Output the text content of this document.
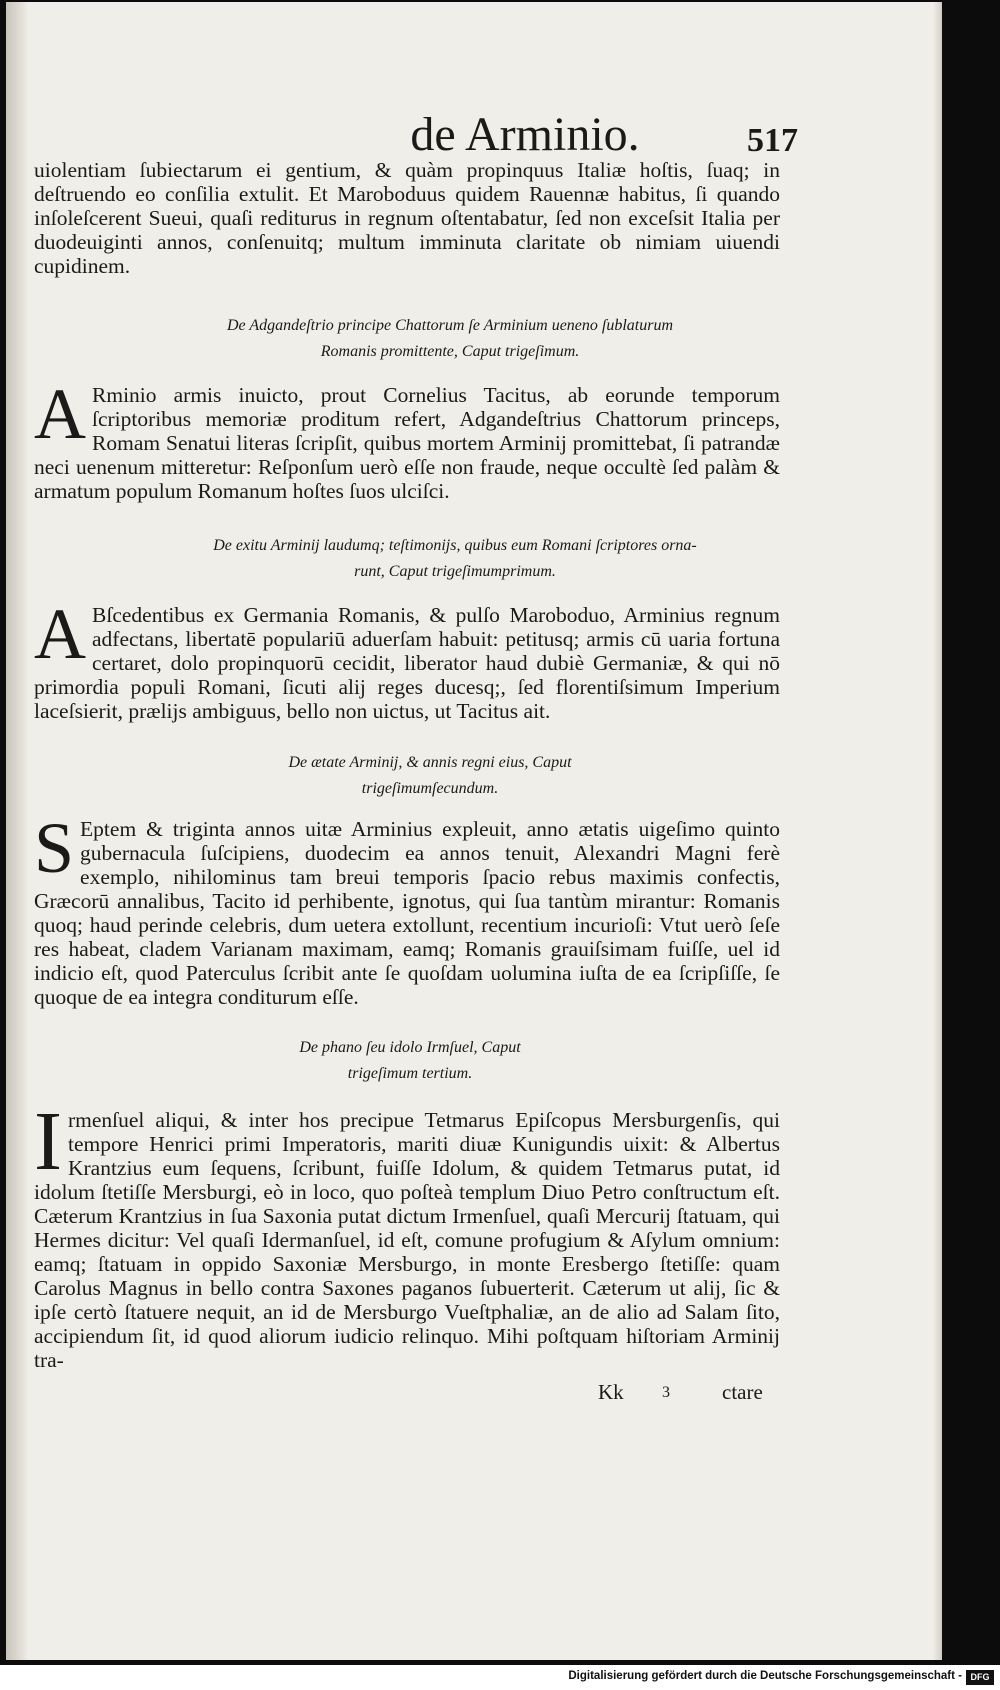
de Arminio.	517

uiolentiam ſubiectarum ei gentium, & quàm propinquus Italiæ hoſtis, ſuaq; in deſtruendo eo conſilia extulit. Et Maroboduus quidem Rauennæ habitus, ſi quando inſoleſcerent Sueui, quaſi rediturus in regnum oſtentabatur, ſed non exceſsit Italia per duodeuiginti annos, conſenuitq; multum imminuta claritate ob nimiam uiuendi cupidinem.

De Adgandeſtrio principe Chattorum ſe Arminium ueneno ſublaturum
Romanis promittente, Caput trigeſimum.

A Rminio armis inuicto, prout Cornelius Tacitus, ab eorunde temporum ſcriptoribus memoriæ proditum refert, Adgandeſtrius Chattorum princeps, Romam Senatui literas ſcripſit, quibus mortem Arminij promittebat, ſi patrandæ neci uenenum mitteretur: Reſponſum uerò eſſe non fraude, neque occultè ſed palàm & armatum populum Romanum hoſtes ſuos ulciſci.

De exitu Arminij laudumq; teſtimonijs, quibus eum Romani ſcriptores orna-
runt, Caput trigeſimumprimum.

A Bſcedentibus ex Germania Romanis, & pulſo Maroboduo, Arminius regnum adfectans, libertatē populariū aduerſam habuit: petitusq; armis cū uaria fortuna certaret, dolo propinquorū cecidit, liberator haud dubiè Germaniæ, & qui nō primordia populi Romani, ſicuti alij reges ducesq;, ſed florentiſsimum Imperium laceſsierit, prælijs ambiguus, bello non uictus, ut Tacitus ait.

De ætate Arminij, & annis regni eius, Caput
trigeſimumſecundum.

S Eptem & triginta annos uitæ Arminius expleuit, anno ætatis uigeſimo quinto gubernacula ſuſcipiens, duodecim ea annos tenuit, Alexandri Magni ferè exemplo, nihilominus tam breui temporis ſpacio rebus maximis confectis, Græcorū annalibus, Tacito id perhibente, ignotus, qui ſua tantùm mirantur: Romanis quoq; haud perinde celebris, dum uetera extollunt, recentium incurioſi: Vtut uerò ſeſe res habeat, cladem Varianam maximam, eamq; Romanis grauiſsimam fuiſſe, uel id indicio eſt, quod Paterculus ſcribit ante ſe quoſdam uolumina iuſta de ea ſcripſiſſe, ſe quoque de ea integra conditurum eſſe.

De phano ſeu idolo Irmſuel, Caput
trigeſimum tertium.

Irmenſuel aliqui, & inter hos precipue Tetmarus Epiſcopus Mersburgenſis, qui tempore Henrici primi Imperatoris, mariti diuæ Kunigundis uixit: & Albertus Krantzius eum ſequens, ſcribunt, fuiſſe Idolum, & quidem Tetmarus putat, id idolum ſtetiſſe Mersburgi, eò in loco, quo poſteà templum Diuo Petro conſtructum eſt. Cæterum Krantzius in ſua Saxonia putat dictum Irmenſuel, quaſi Mercurij ſtatuam, qui Hermes dicitur: Vel quaſi Idermanſuel, id eſt, comune profugium & Aſylum omnium: eamq; ſtatuam in oppido Saxoniæ Mersburgo, in monte Eresbergo ſtetiſſe: quam Carolus Magnus in bello contra Saxones paganos ſubuerterit. Cæterum ut alij, ſic & ipſe certò ſtatuere nequit, an id de Mersburgo Vueſtphaliæ, an de alio ad Salam ſito, accipiendum ſit, id quod aliorum iudicio relinquo. Mihi poſtquam hiſtoriam Arminij tra-

Kk 3 ctare
Digitalisierung gefördert durch die Deutsche Forschungsgemeinschaft - DFG
